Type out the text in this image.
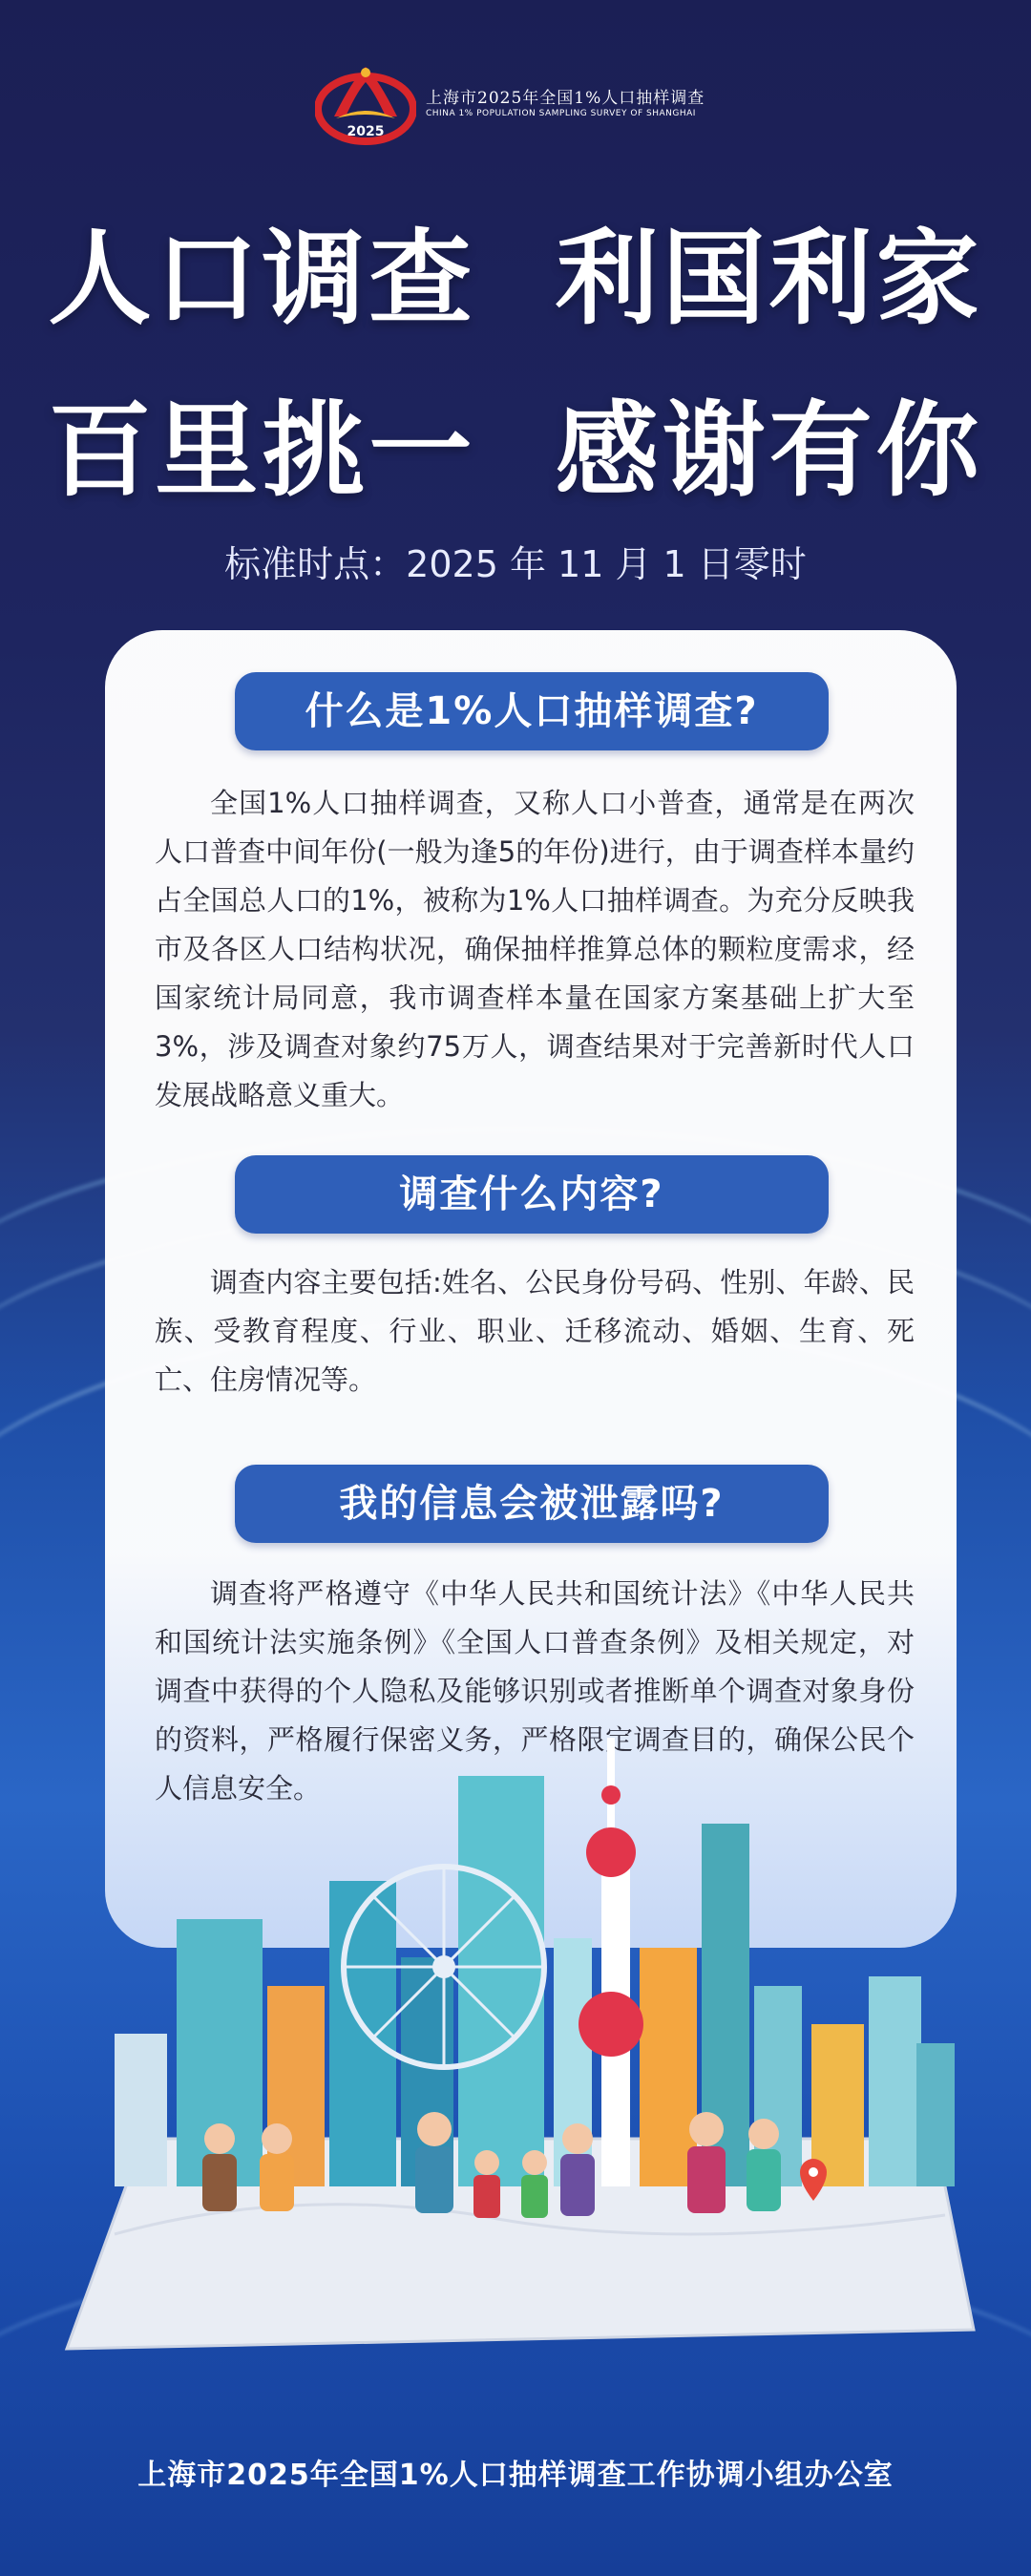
2025
上海市2025年全国1%人口抽样调查
CHINA 1% POPULATION SAMPLING SURVEY OF SHANGHAI
人口调查  利国利家
百里挑一  感谢有你
标准时点：2025 年 11 月 1 日零时
什么是1%人口抽样调查?
全国1%人口抽样调查，又称人口小普查，通常是在两次人口普查中间年份(一般为逢5的年份)进行，由于调查样本量约占全国总人口的1%，被称为1%人口抽样调查。为充分反映我市及各区人口结构状况，确保抽样推算总体的颗粒度需求，经国家统计局同意，我市调查样本量在国家方案基础上扩大至3%，涉及调查对象约75万人，调查结果对于完善新时代人口发展战略意义重大。
调查什么内容?
调查内容主要包括:姓名、公民身份号码、性别、年龄、民族、受教育程度、行业、职业、迁移流动、婚姻、生育、死亡、住房情况等。
我的信息会被泄露吗?
调查将严格遵守《中华人民共和国统计法》《中华人民共和国统计法实施条例》《全国人口普查条例》及相关规定，对调查中获得的个人隐私及能够识别或者推断单个调查对象身份的资料，严格履行保密义务，严格限定调查目的，确保公民个人信息安全。
上海市2025年全国1%人口抽样调查工作协调小组办公室
